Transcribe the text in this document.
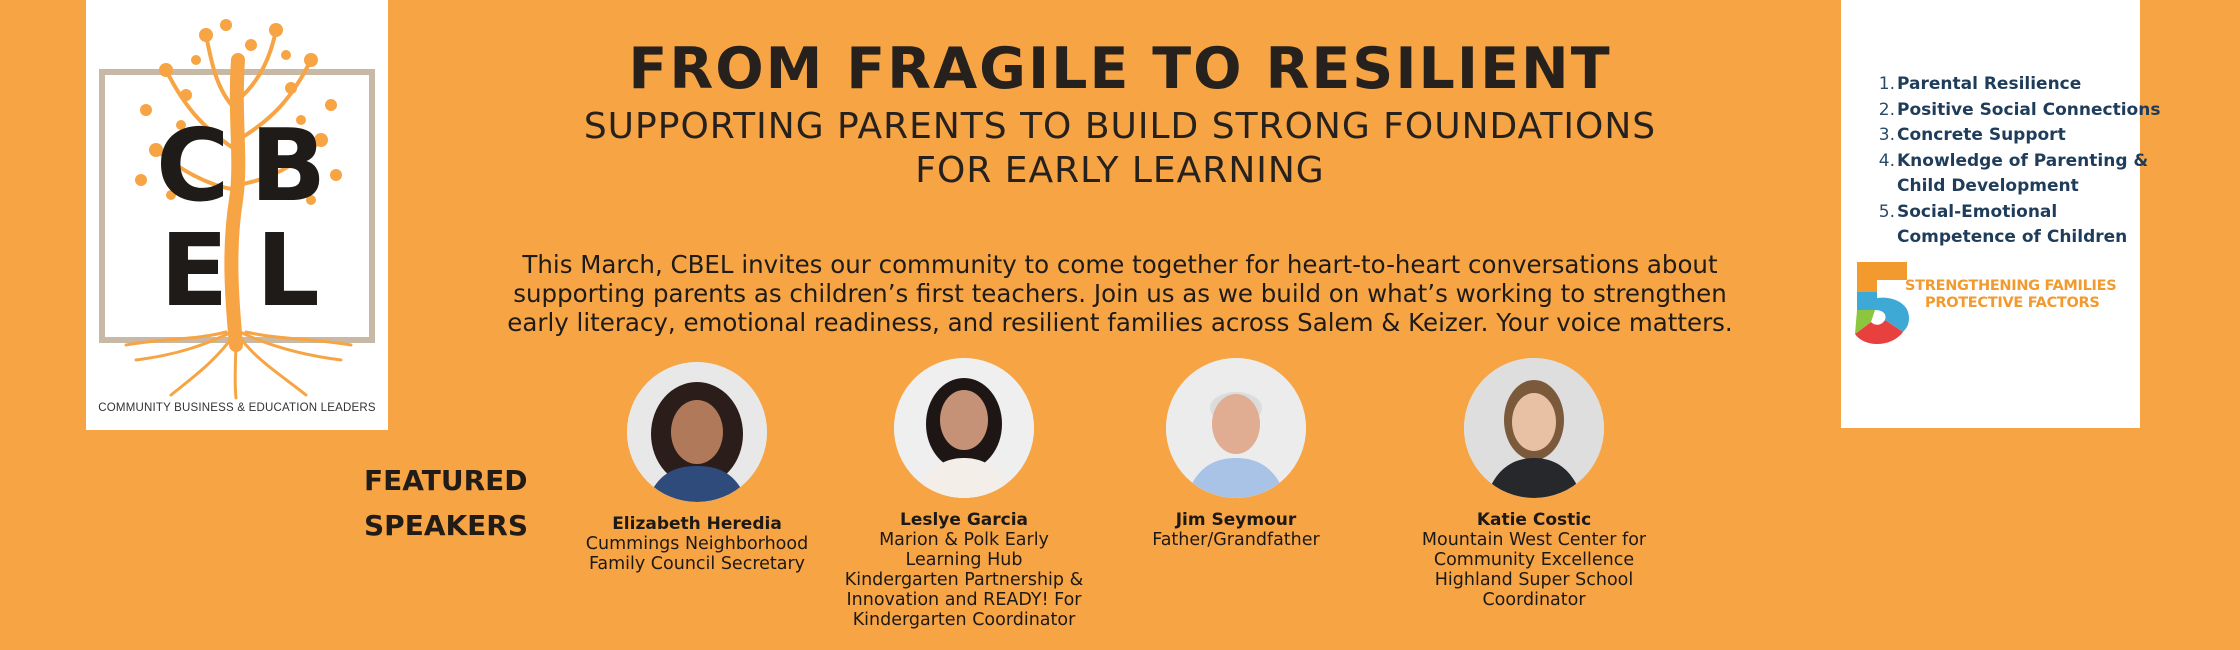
C B
E L
COMMUNITY BUSINESS & EDUCATION LEADERS
FROM FRAGILE TO RESILIENT
SUPPORTING PARENTS TO BUILD STRONG FOUNDATIONS
FOR EARLY LEARNING
This March, CBEL invites our community to come together for heart-to-heart conversations about
supporting parents as children’s first teachers. Join us as we build on what’s working to strengthen
early literacy, emotional readiness, and resilient families across Salem & Keizer. Your voice matters.
FEATURED
SPEAKERS	Elizabeth Heredia
Cummings Neighborhood
Family Council Secretary
Leslye Garcia
Marion & Polk Early
Learning Hub
Kindergarten Partnership &
Innovation and READY! For
Kindergarten Coordinator
Jim Seymour
Father/Grandfather
Katie Costic
Mountain West Center for
Community Excellence
Highland Super School
Coordinator
1. Parental Resilience
2. Positive Social Connections
3. Concrete Support
4. Knowledge of Parenting &
Child Development
5. Social-Emotional
Competence of Children
5
STRENGTHENING FAMILIES
PROTECTIVE FACTORS
